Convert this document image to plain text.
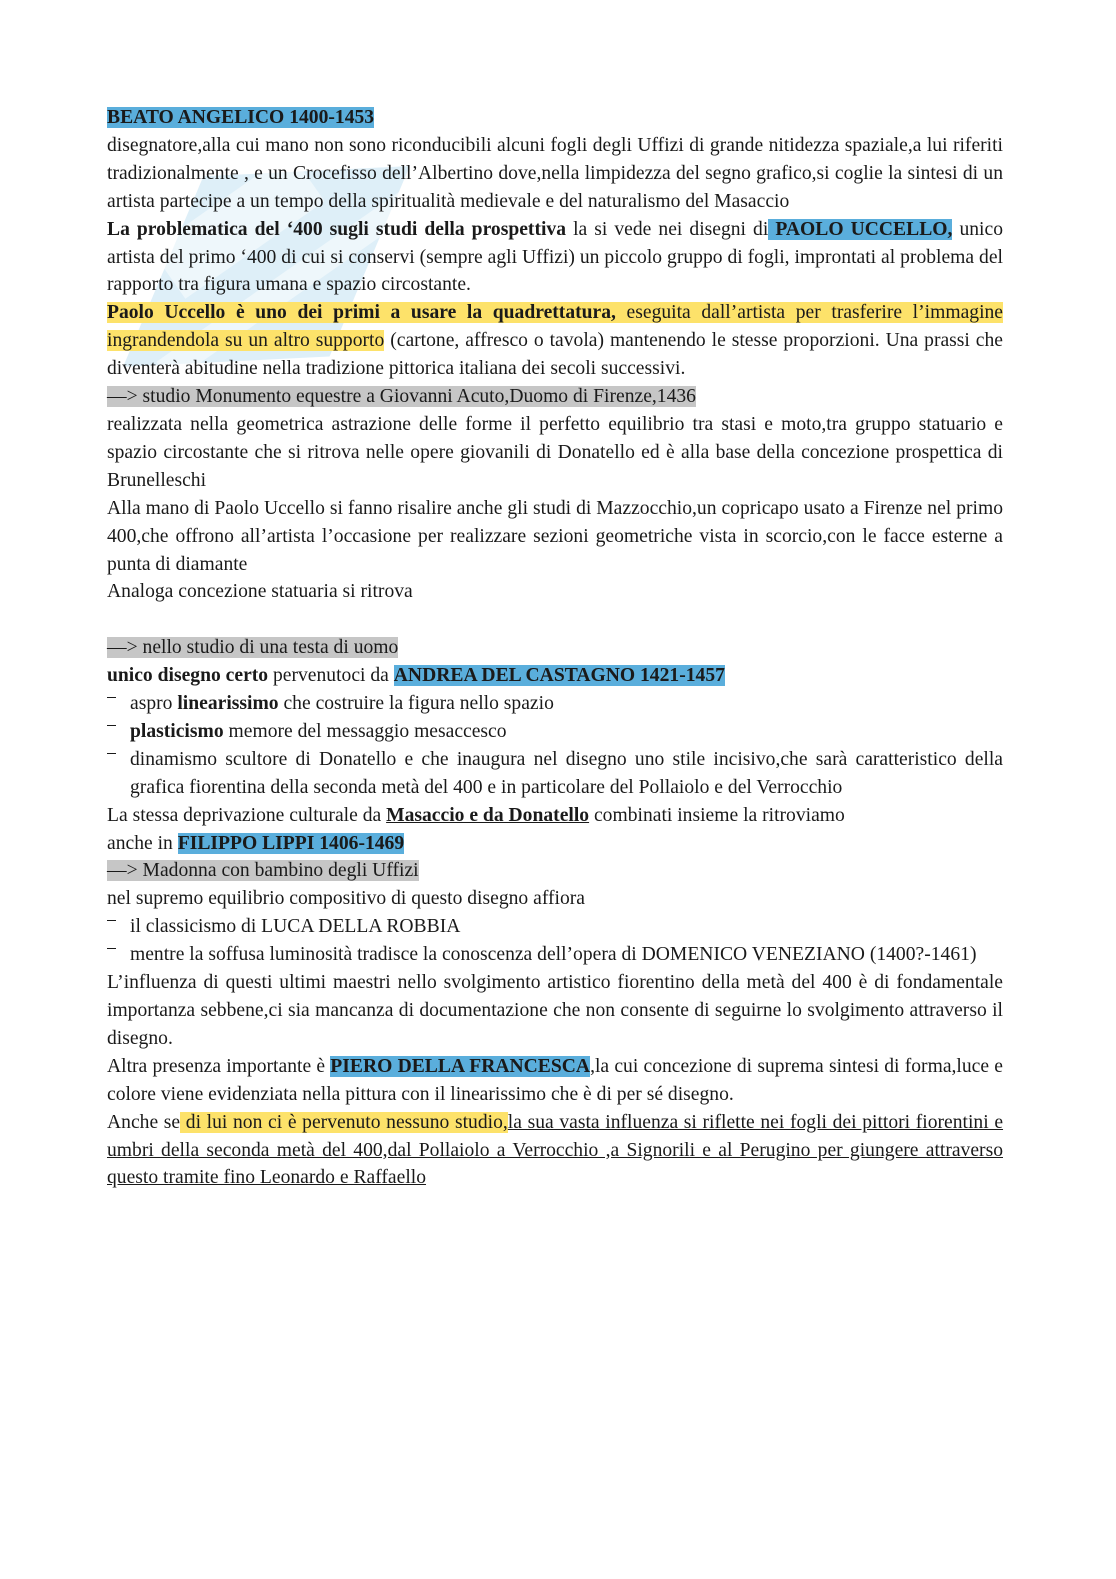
BEATO ANGELICO 1400-1453

disegnatore,alla cui mano non sono riconducibili alcuni fogli degli Uffizi di grande nitidezza spaziale,a lui riferiti tradizionalmente , e un Crocefisso dell’Albertino dove,nella limpidezza del segno grafico,si coglie la sintesi di un artista partecipe a un tempo della spiritualità medievale e del naturalismo del Masaccio

La problematica del ‘400 sugli studi della prospettiva la si vede nei disegni di PAOLO UCCELLO, unico artista del primo ‘400 di cui si conservi (sempre agli Uffizi) un piccolo gruppo di fogli, improntati al problema del rapporto tra figura umana e spazio circostante.

Paolo Uccello è uno dei primi a usare la quadrettatura, eseguita dall’artista per trasferire l’immagine ingrandendola su un altro supporto (cartone, affresco o tavola) mantenendo le stesse proporzioni. Una prassi che diventerà abitudine nella tradizione pittorica italiana dei secoli successivi.

—> studio Monumento equestre a Giovanni Acuto,Duomo di Firenze,1436

realizzata nella geometrica astrazione delle forme il perfetto equilibrio tra stasi e moto,tra gruppo statuario e spazio circostante che si ritrova nelle opere giovanili di Donatello ed è alla base della concezione prospettica di Brunelleschi

Alla mano di Paolo Uccello si fanno risalire anche gli studi di Mazzocchio,un copricapo usato a Firenze nel primo 400,che offrono all’artista l’occasione per realizzare sezioni geometriche vista in scorcio,con le facce esterne a punta di diamante

Analoga concezione statuaria si ritrova

—> nello studio di una testa di uomo

unico disegno certo pervenutoci da ANDREA DEL CASTAGNO 1421-1457

aspro linearissimo che costruire la figura nello spazio
plasticismo memore del messaggio mesaccesco
dinamismo scultore di Donatello e che inaugura nel disegno uno stile incisivo,che sarà caratteristico della grafica fiorentina della seconda metà del 400 e in particolare del Pollaiolo e del Verrocchio

La stessa deprivazione culturale da Masaccio e da Donatello combinati insieme la ritroviamo

anche in FILIPPO LIPPI 1406-1469

—> Madonna con bambino degli Uffizi

nel supremo equilibrio compositivo di questo disegno affiora

il classicismo di LUCA DELLA ROBBIA
mentre la soffusa luminosità tradisce la conoscenza dell’opera di DOMENICO VENEZIANO (1400?-1461)

L’influenza di questi ultimi maestri nello svolgimento artistico fiorentino della metà del 400 è di fondamentale importanza sebbene,ci sia mancanza di documentazione che non consente di seguirne lo svolgimento attraverso il disegno.

Altra presenza importante è PIERO DELLA FRANCESCA,la cui concezione di suprema sintesi di forma,luce e colore viene evidenziata nella pittura con il linearissimo che è di per sé disegno.

Anche se di lui non ci è pervenuto nessuno studio,la sua vasta influenza si riflette nei fogli dei pittori fiorentini e umbri della seconda metà del 400,dal Pollaiolo a Verrocchio ,a Signorili e al Perugino per giungere attraverso questo tramite fino Leonardo e Raffaello
